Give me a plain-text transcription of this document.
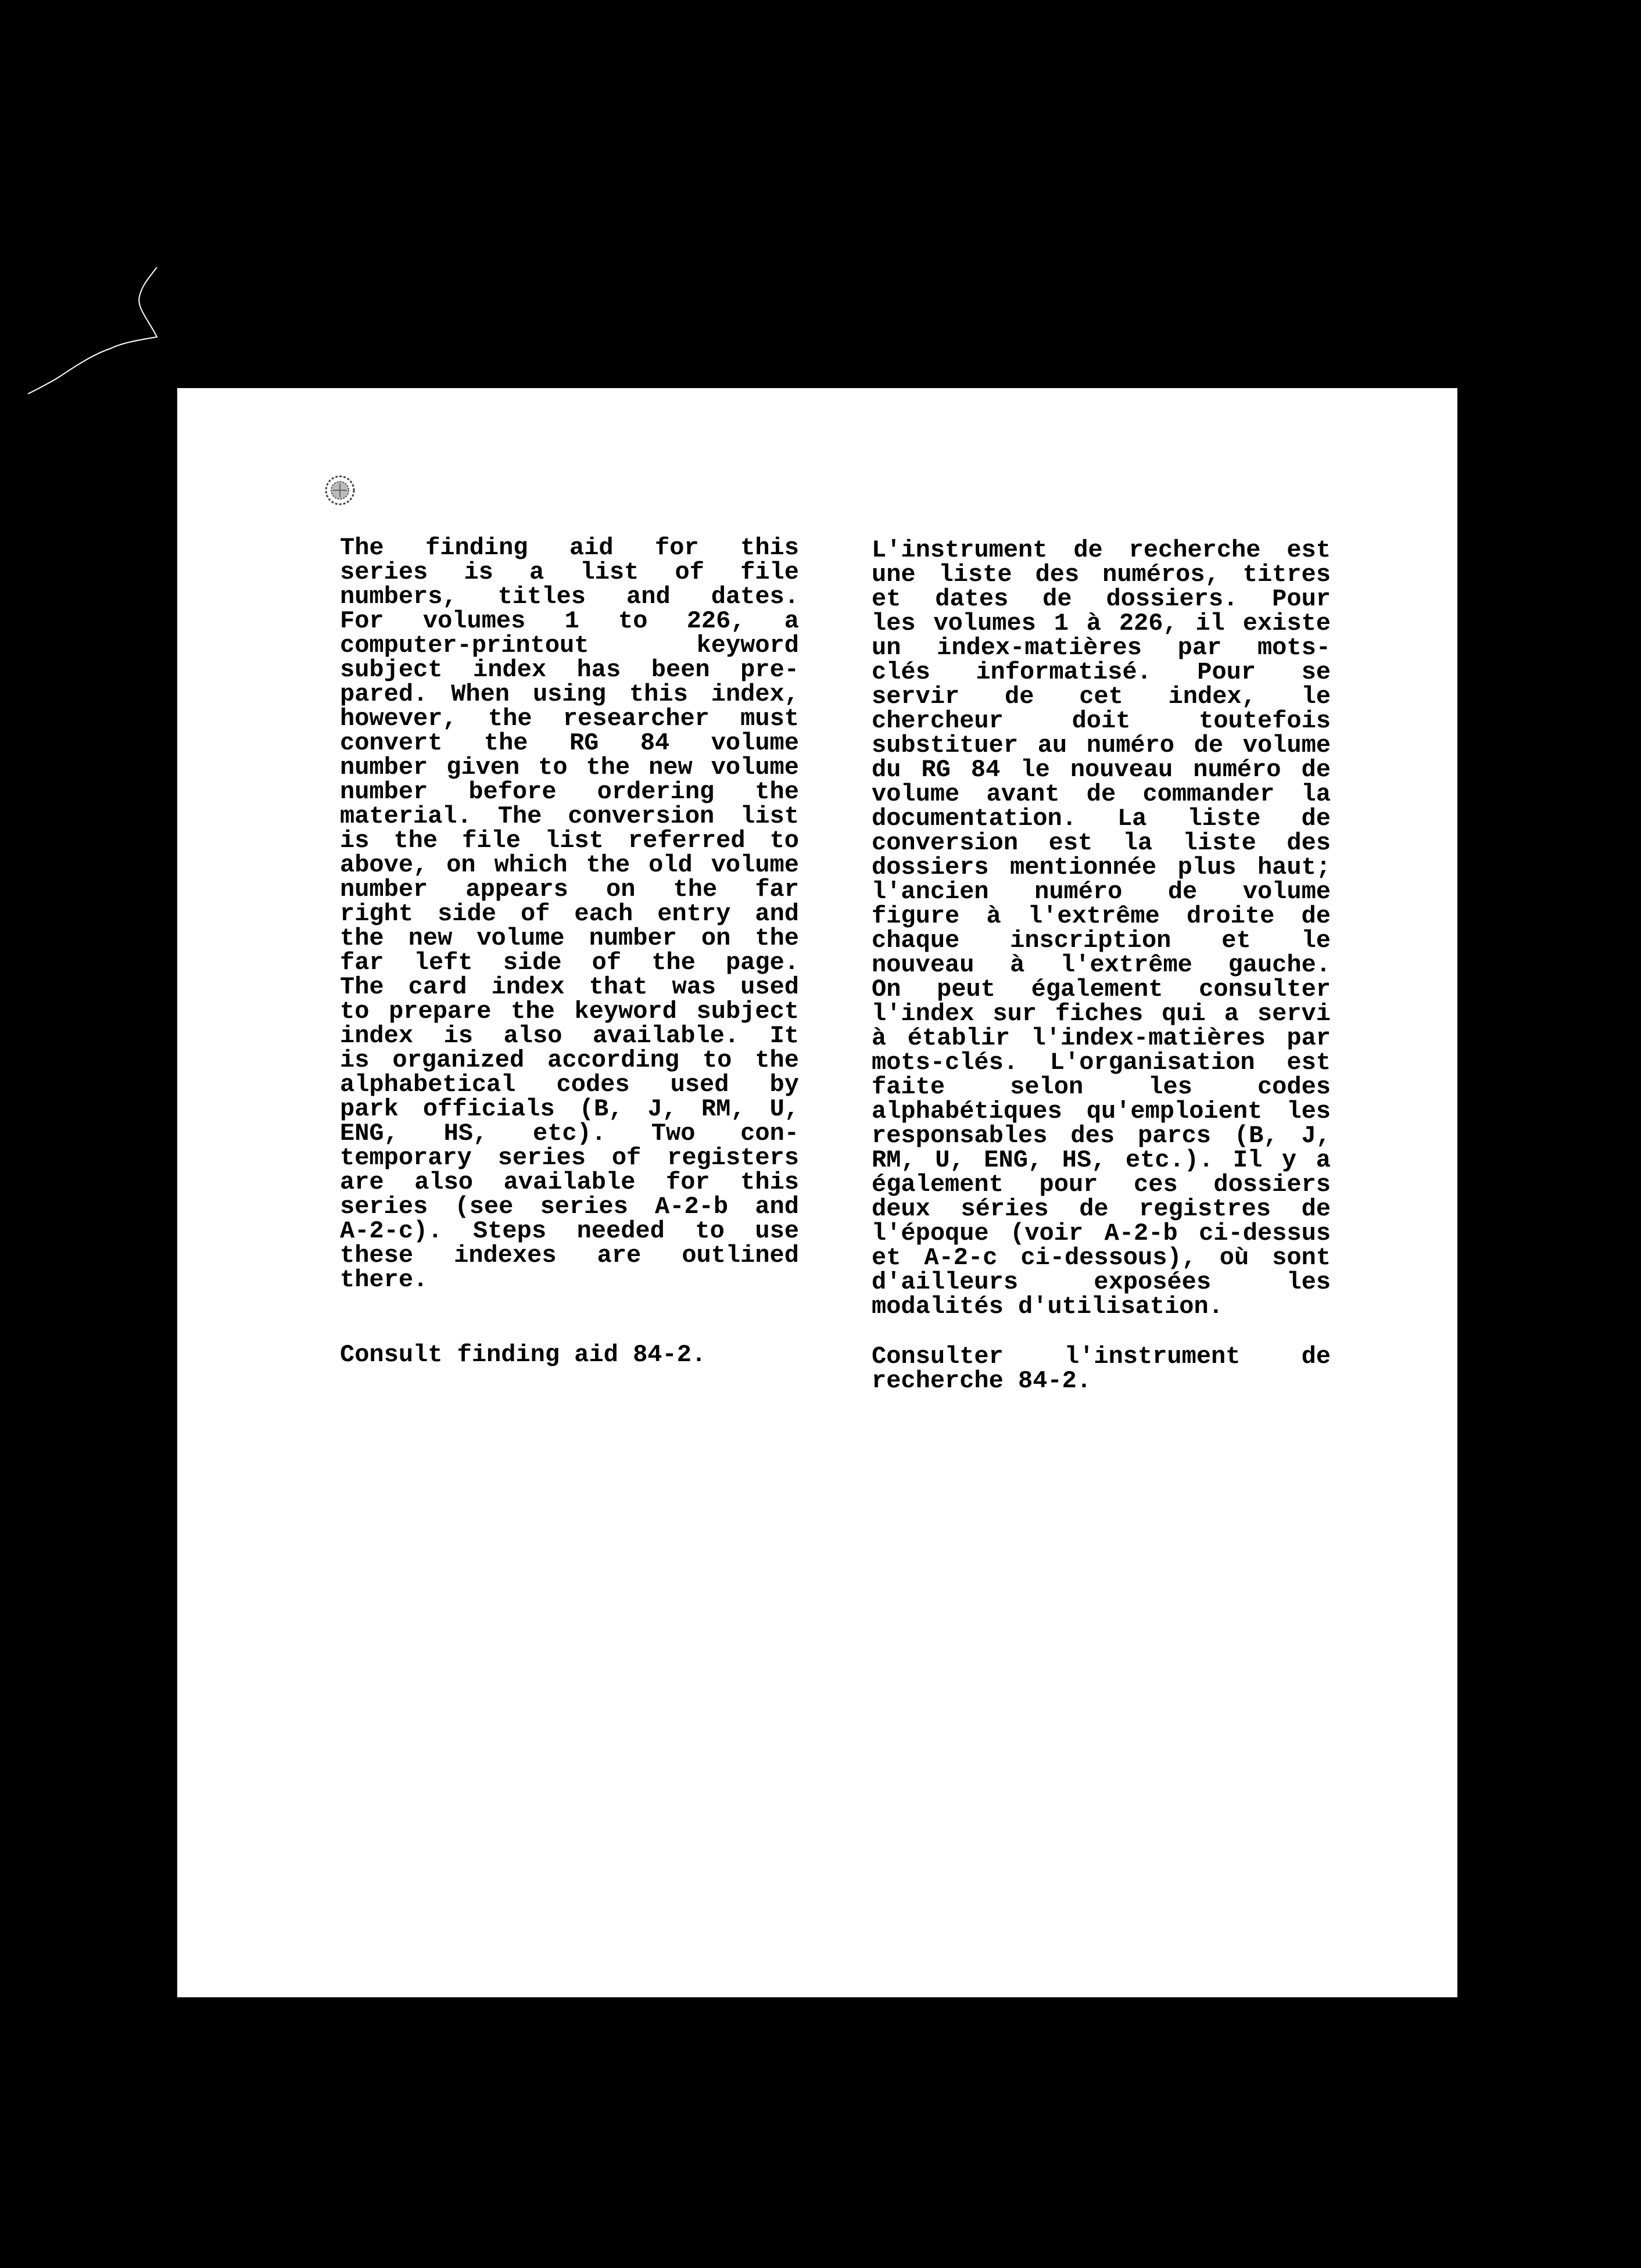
The finding aid for this
series is a list of file
numbers, titles and dates.
For volumes 1 to 226, a
computer-printout	keyword
subject index has been pre-
pared. When using this index,
however, the researcher must
convert the RG 84 volume
number given to the new volume
number before ordering the
material. The conversion list
is the file list referred to
above, on which the old volume
number appears on the far
right side of each entry and
the new volume number on the
far left side of the page.
The card index that was used
to prepare the keyword subject
index is also available. It
is organized according to the
alphabetical codes used by
park officials (B, J, RM, U,
ENG, HS, etc). Two con-
temporary series of registers
are also available for this
series (see series A-2-b and
A-2-c). Steps needed to use
these indexes are outlined
there.
L'instrument de recherche est
une liste des numéros, titres
et dates de dossiers. Pour
les volumes 1 à 226, il existe
un index-matières par mots-
clés informatisé. Pour se
servir de cet index, le
chercheur	doit	toutefois
substituer au numéro de volume
du RG 84 le nouveau numéro de
volume avant de commander la
documentation. La liste de
conversion est la liste des
dossiers mentionnée plus haut;
l'ancien numéro de volume
figure à l'extrême droite de
chaque inscription et le
nouveau à l'extrême gauche.
On peut également consulter
l'index sur fiches qui a servi
à établir l'index-matières par
mots-clés. L'organisation est
faite	selon	les	codes
alphabétiques qu'emploient les
responsables des parcs (B, J,
RM, U, ENG, HS, etc.). Il y a
également pour ces dossiers
deux séries de registres de
l'époque (voir A-2-b ci-dessus
et A-2-c ci-dessous), où sont
d'ailleurs	exposées	les
modalités d'utilisation.
Consult finding aid 84-2.	Consulter	l'instrument	de
recherche 84-2.
